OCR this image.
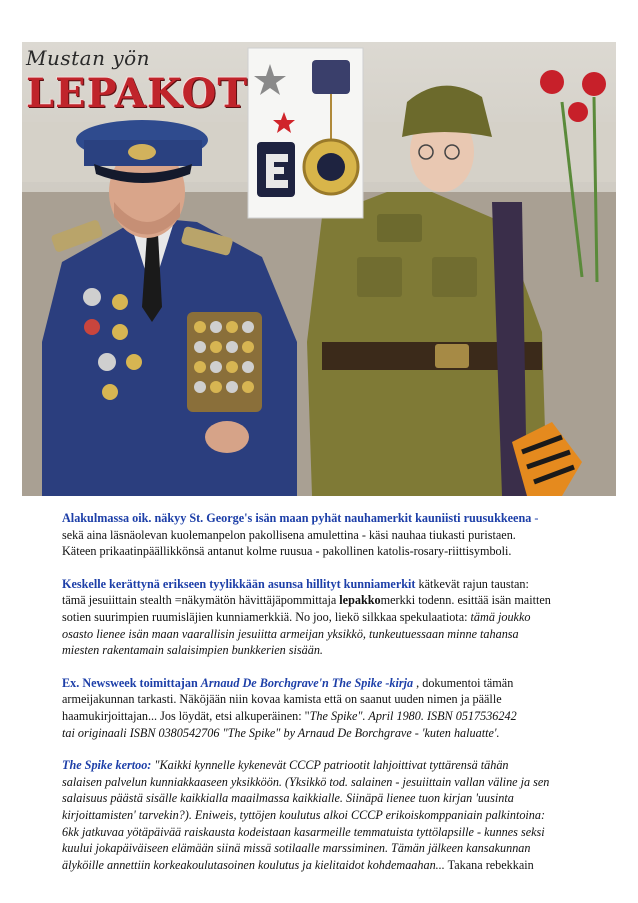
Mustan yön
LEPAKOT

Alakulmassa oik. näkyy St. George's isän maan pyhät nauhamerkit kauniisti ruusukkeena -
sekä aina läsnäolevan kuolemanpelon pakollisena amulettina - käsi nauhaa tiukasti puristaen.
Käteen prikaatinpäällikkönsä antanut kolme ruusua - pakollinen katolis-rosary-riittisymboli.

Keskelle kerättynä erikseen tyylikkään asunsa hillityt kunniamerkit kätkevät rajun taustan:
tämä jesuiittain stealth =näkymätön hävittäjäpommittaja lepakkomerkki todenn. esittää isän maitten
sotien suurimpien ruumisläjien kunniamerkkiä. No joo, liekö silkkaa spekulaatiota: tämä joukko
osasto lienee isän maan vaarallisin jesuiitta armeijan yksikkö, tunkeutuessaan minne tahansa
miesten rakentamain salaisimpien bunkkerien sisään.

Ex. Newsweek toimittajan Arnaud De Borchgrave'n The Spike -kirja , dokumentoi tämän
armeijakunnan tarkasti. Näköjään niin kovaa kamista että on saanut uuden nimen ja päälle
haamukirjoittajan... Jos löydät, etsi alkuperäinen: "The Spike". April 1980. ISBN 0517536242
tai originaali ISBN 0380542706 "The Spike" by Arnaud De Borchgrave - 'kuten haluatte'.

The Spike kertoo: "Kaikki kynnelle kykenevät CCCP patriootit lahjoittivat tyttärensä tähän
salaisen palvelun kunniakkaaseen yksikköön. (Yksikkö tod. salainen - jesuiittain vallan väline ja sen
salaisuus päästä sisälle kaikkialla maailmassa kaikkialle. Siinäpä lienee tuon kirjan 'uusinta
kirjoittamisten' tarvekin?). Eniweis, tyttöjen koulutus alkoi CCCP erikoiskomppaniain palkintoina:
6kk jatkuvaa yötäpäivää raiskausta kodeistaan kasarmeille temmatuista tyttölapsille - kunnes seksi
kuului jokapäiväiseen elämään siinä missä sotilaalle marssiminen. Tämän jälkeen kansakunnan
älyköille annettiin korkeakoulutasoinen koulutus ja kielitaidot kohdemaahan... Takana rebekkain
